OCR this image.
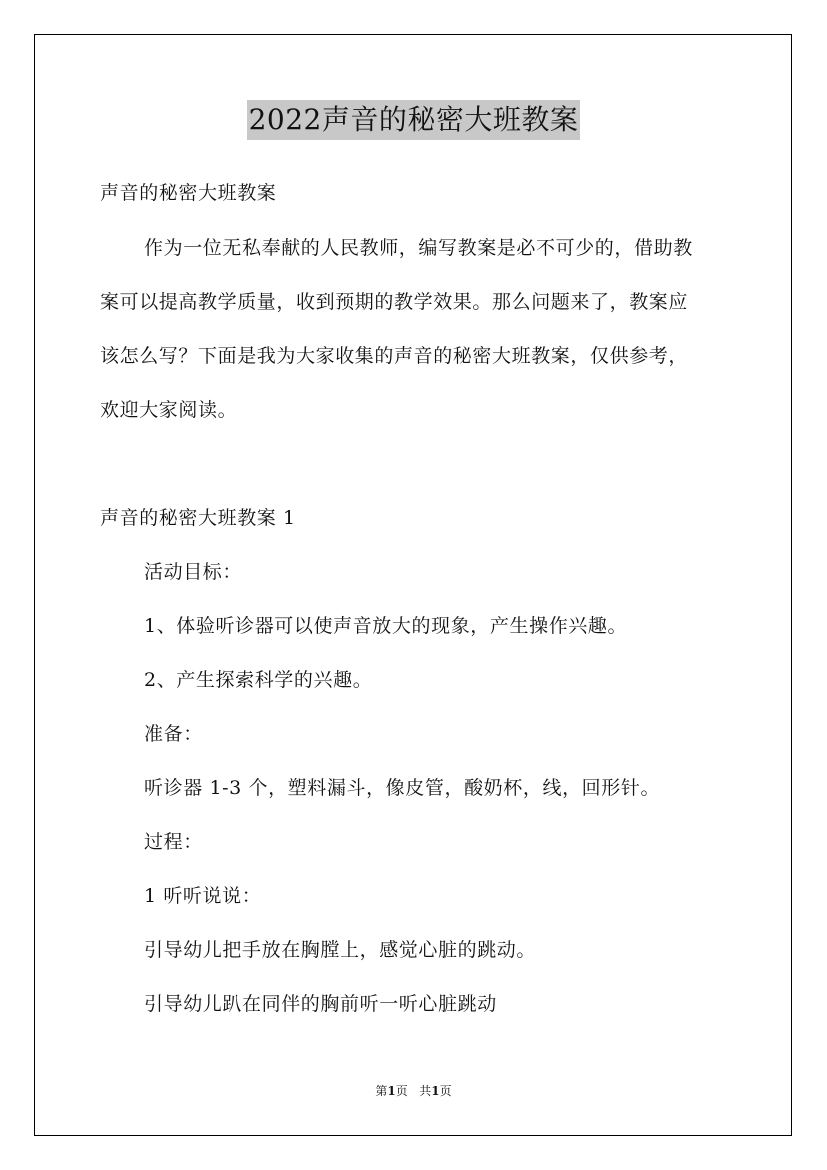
2022声音的秘密大班教案
声音的秘密大班教案
作为一位无私奉献的人民教师，编写教案是必不可少的，借助教
案可以提高教学质量，收到预期的教学效果。那么问题来了，教案应
该怎么写？下面是我为大家收集的声音的秘密大班教案，仅供参考，
欢迎大家阅读。
声音的秘密大班教案 1
活动目标：
1、体验听诊器可以使声音放大的现象，产生操作兴趣。
2、产生探索科学的兴趣。
准备：
听诊器 1-3 个，塑料漏斗，像皮管，酸奶杯，线，回形针。
过程：
1 听听说说：
引导幼儿把手放在胸膛上，感觉心脏的跳动。
引导幼儿趴在同伴的胸前听一听心脏跳动
第1页   共1页
